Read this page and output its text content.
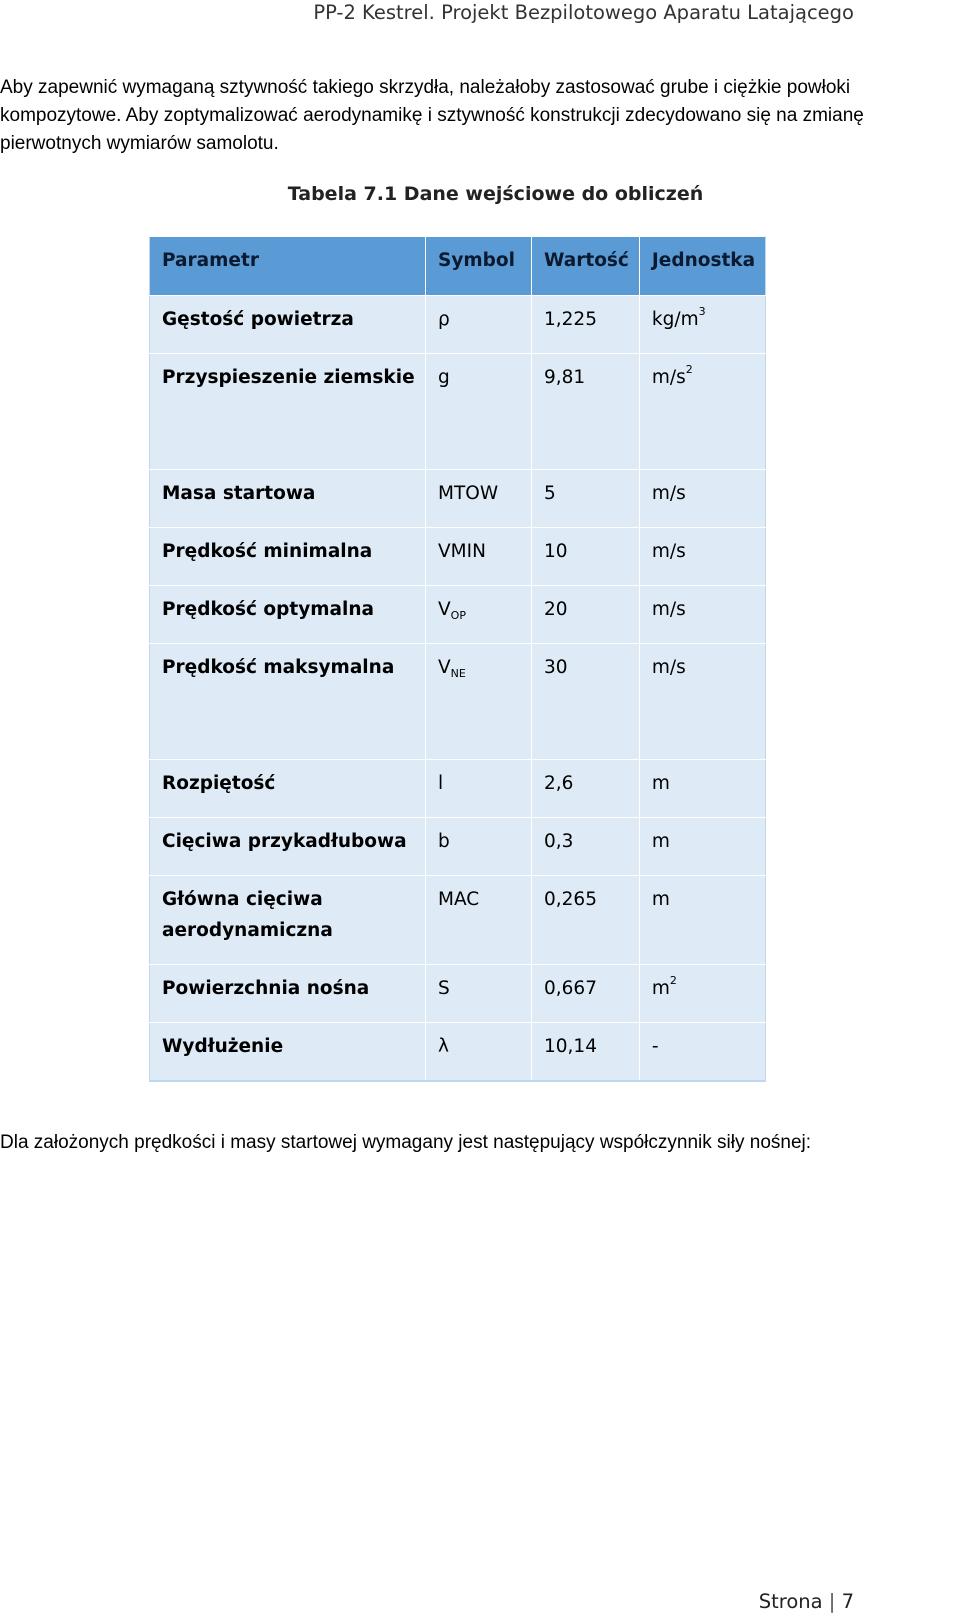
PP-2 Kestrel. Projekt Bezpilotowego Aparatu Latającego
Aby zapewnić wymaganą sztywność takiego skrzydła, należałoby zastosować grube i ciężkie powłoki kompozytowe. Aby zoptymalizować aerodynamikę i sztywność konstrukcji zdecydowano się na zmianę pierwotnych wymiarów samolotu.
Tabela 7.1 Dane wejściowe do obliczeń
Parametr	Symbol	Wartość	Jednostka
Gęstość powietrza	ρ	1,225	$kg/m^3$
Przyspieszenie ziemskie	g	9,81	$m/s^2$
Masa startowa	MTOW	5	m/s
Prędkość minimalna	VMIN	10	m/s
Prędkość optymalna	$V_{OP}$	20	m/s
Prędkość maksymalna	$V_{NE}$	30	m/s
Rozpiętość	l	2,6	m
Cięciwa przykadłubowa	b	0,3	m
Główna cięciwa aerodynamiczna	MAC	0,265	m
Powierzchnia nośna	S	0,667	$m^2$
Wydłużenie	λ	10,14	-
Dla założonych prędkości i masy startowej wymagany jest następujący współczynnik siły nośnej:
Strona | 7
